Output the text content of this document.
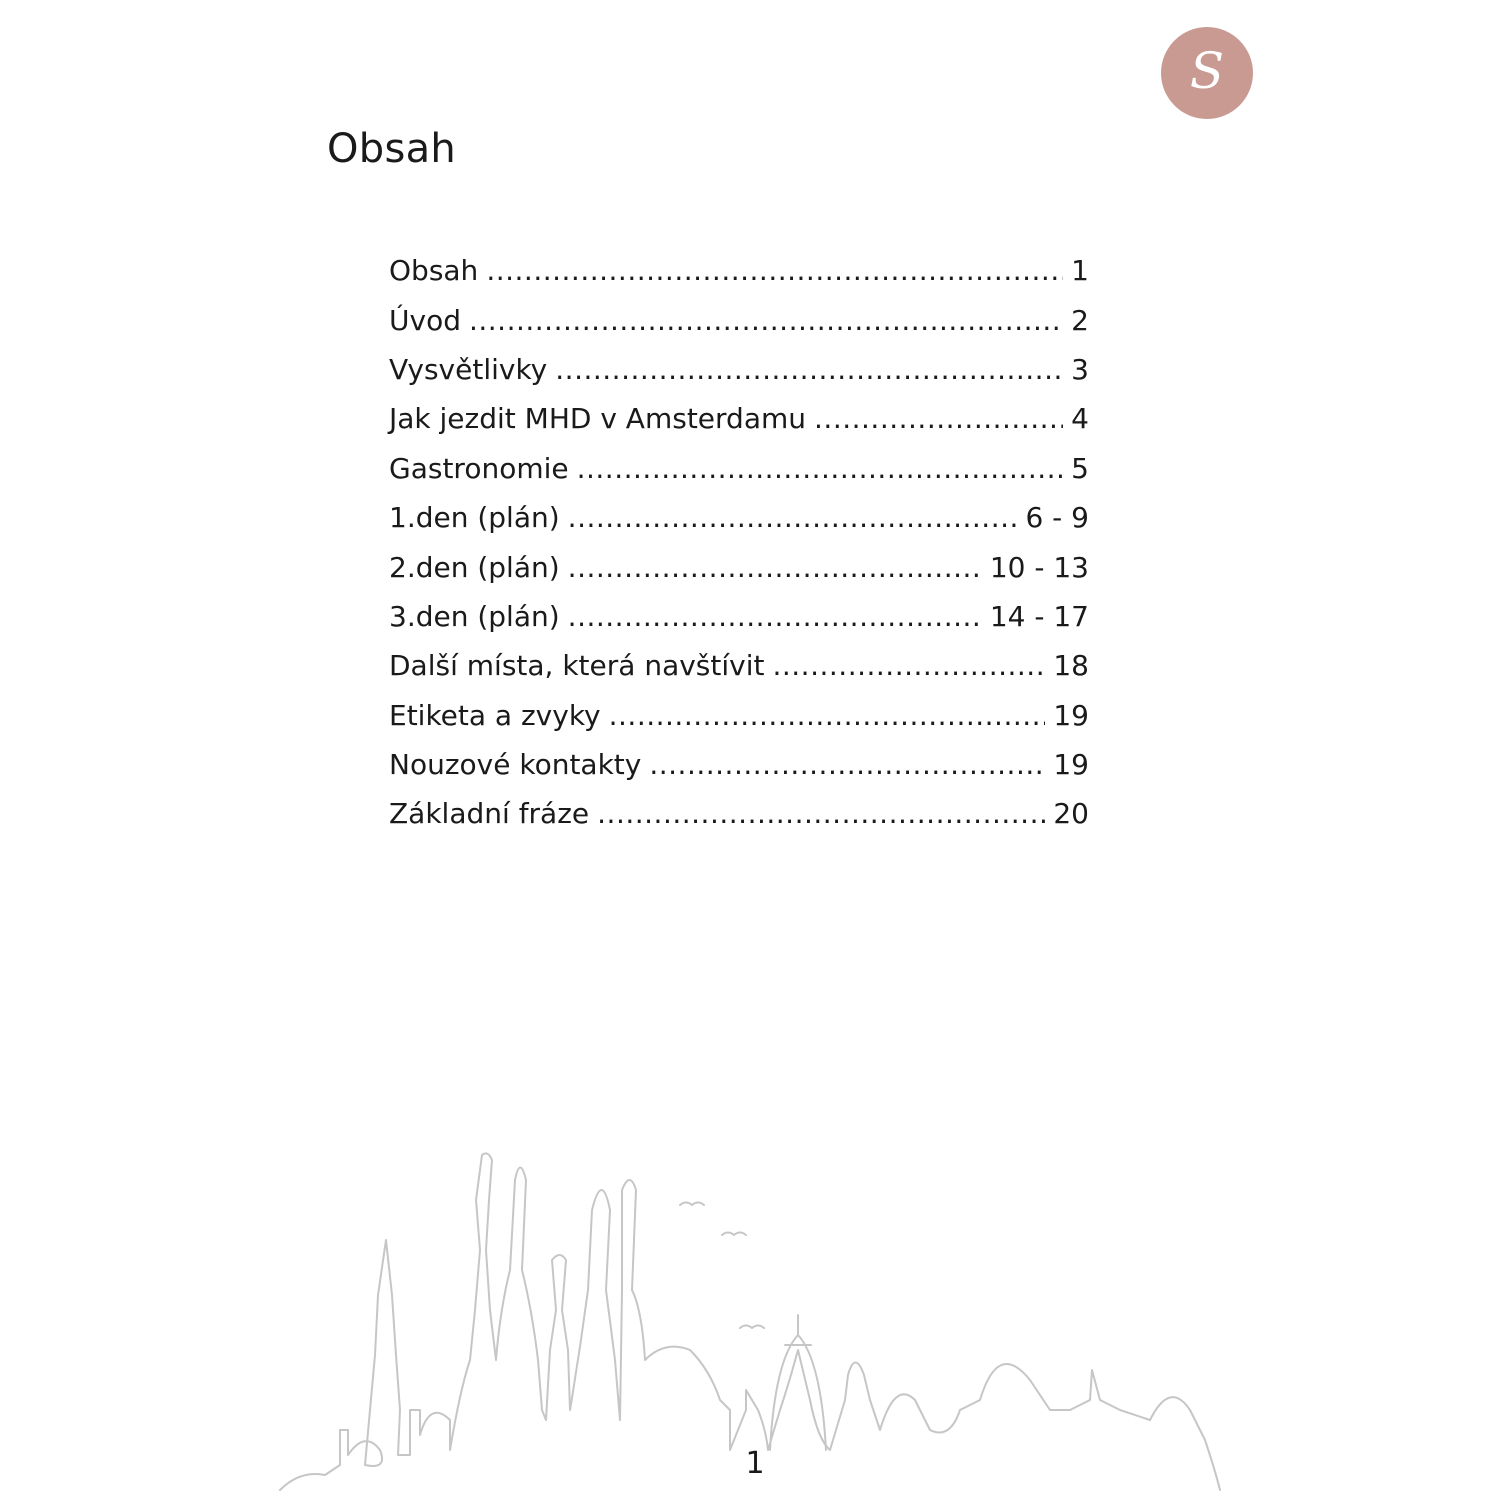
S
Obsah
Obsah .....	1
Úvod .....	2
Vysvětlivky .....	3
Jak jezdit MHD v Amsterdamu .....	4
Gastronomie .....	5
1.den (plán) .....	6 - 9
2.den (plán) .....	10 - 13
3.den (plán) .....	14 - 17
Další místa, která navštívit .....	18
Etiketa a zvyky .....	19
Nouzové kontakty .....	19
Základní fráze .....	20
1
